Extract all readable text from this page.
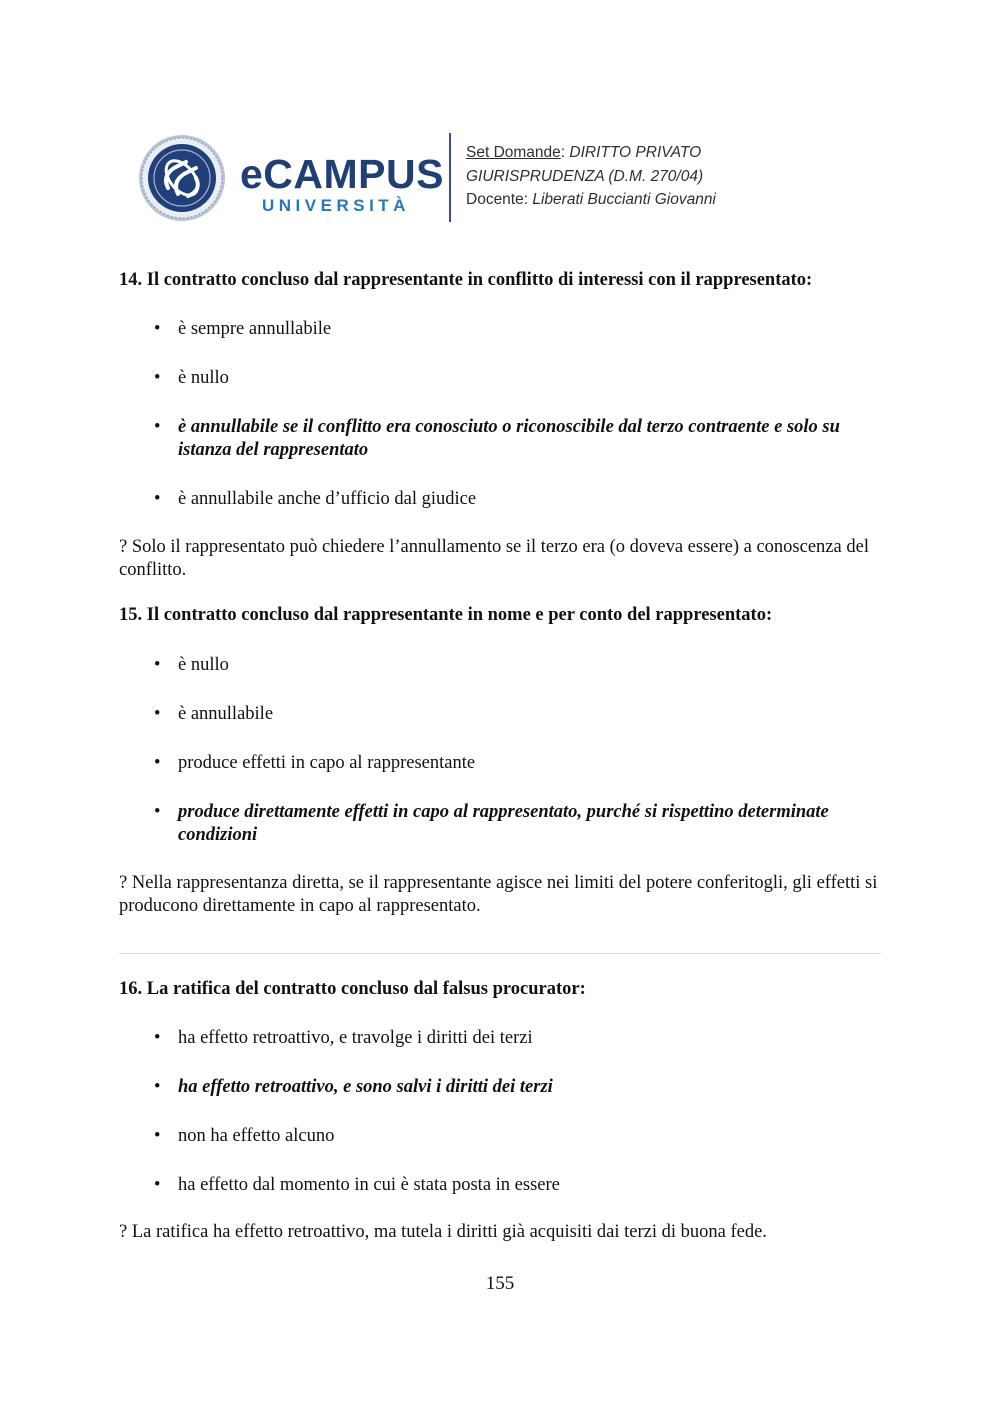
eCAMPUS
UNIVERSITÀ
Set Domande: DIRITTO PRIVATO
GIURISPRUDENZA (D.M. 270/04)
Docente: Liberati Buccianti Giovanni
14. Il contratto concluso dal rappresentante in conflitto di interessi con il rappresentato:
• è sempre annullabile
• è nullo
• è annullabile se il conflitto era conosciuto o riconoscibile dal terzo contraente e solo su istanza del rappresentato
• è annullabile anche d’ufficio dal giudice
? Solo il rappresentato può chiedere l’annullamento se il terzo era (o doveva essere) a conoscenza del conflitto.
15. Il contratto concluso dal rappresentante in nome e per conto del rappresentato:
• è nullo
• è annullabile
• produce effetti in capo al rappresentante
• produce direttamente effetti in capo al rappresentato, purché si rispettino determinate condizioni
? Nella rappresentanza diretta, se il rappresentante agisce nei limiti del potere conferitogli, gli effetti si producono direttamente in capo al rappresentato.
16. La ratifica del contratto concluso dal falsus procurator:
• ha effetto retroattivo, e travolge i diritti dei terzi
• ha effetto retroattivo, e sono salvi i diritti dei terzi
• non ha effetto alcuno
• ha effetto dal momento in cui è stata posta in essere
? La ratifica ha effetto retroattivo, ma tutela i diritti già acquisiti dai terzi di buona fede.
155
